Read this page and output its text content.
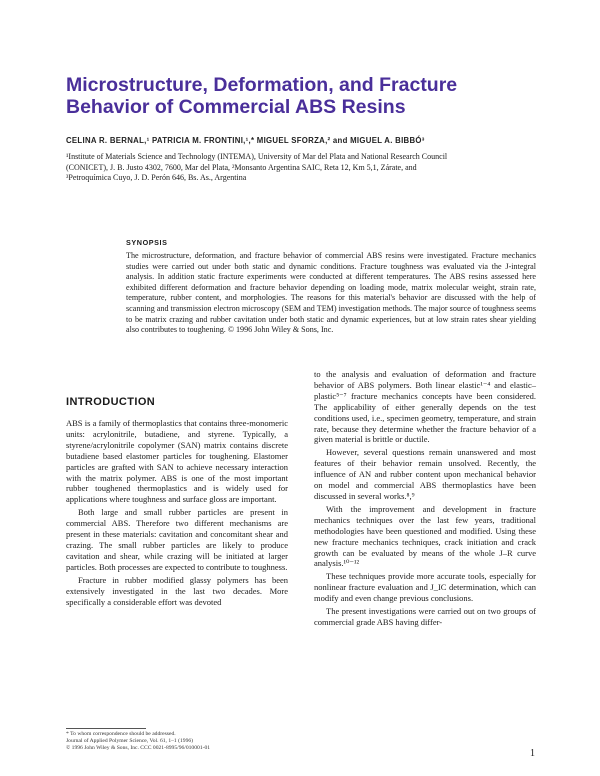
Microstructure, Deformation, and Fracture Behavior of Commercial ABS Resins
CELINA R. BERNAL,¹ PATRICIA M. FRONTINI,¹,* MIGUEL SFORZA,² and MIGUEL A. BIBBÓ³
¹Institute of Materials Science and Technology (INTEMA), University of Mar del Plata and National Research Council
(CONICET), J. B. Justo 4302, 7600, Mar del Plata, ²Monsanto Argentina SAIC, Reta 12, Km 5,1, Zárate, and
³Petroquímica Cuyo, J. D. Perón 646, Bs. As., Argentina
SYNOPSIS
The microstructure, deformation, and fracture behavior of commercial ABS resins were investigated. Fracture mechanics studies were carried out under both static and dynamic conditions. Fracture toughness was evaluated via the J-integral analysis. In addition static fracture experiments were conducted at different temperatures. The ABS resins assessed here exhibited different deformation and fracture behavior depending on loading mode, matrix molecular weight, strain rate, temperature, rubber content, and morphologies. The reasons for this material's behavior are discussed with the help of scanning and transmission electron microscopy (SEM and TEM) investigation methods. The major source of toughness seems to be matrix crazing and rubber cavitation under both static and dynamic experiences, but at low strain rates shear yielding also contributes to toughening. © 1996 John Wiley & Sons, Inc.
INTRODUCTION

ABS is a family of thermoplastics that contains three-monomeric units: acrylonitrile, butadiene, and styrene. Typically, a styrene/acrylonitrile copolymer (SAN) matrix contains discrete butadiene based elastomer particles for toughening. Elastomer particles are grafted with SAN to achieve necessary interaction with the matrix polymer. ABS is one of the most important rubber toughened thermoplastics and is widely used for applications where toughness and surface gloss are important.

Both large and small rubber particles are present in commercial ABS. Therefore two different mechanisms are present in these materials: cavitation and concomitant shear and crazing. The small rubber particles are likely to produce cavitation and shear, while crazing will be initiated at larger particles. Both processes are expected to contribute to toughness.

Fracture in rubber modified glassy polymers has been extensively investigated in the last two decades. More specifically a considerable effort was devoted

to the analysis and evaluation of deformation and fracture behavior of ABS polymers. Both linear elastic¹⁻⁴ and elastic–plastic⁵⁻⁷ fracture mechanics concepts have been considered. The applicability of either generally depends on the test conditions used, i.e., specimen geometry, temperature, and strain rate, because they determine whether the fracture behavior of a given material is brittle or ductile.

However, several questions remain unanswered and most features of their behavior remain unsolved. Recently, the influence of AN and rubber content upon mechanical behavior on model and commercial ABS thermoplastics have been discussed in several works.⁸,⁹

With the improvement and development in fracture mechanics techniques over the last few years, traditional methodologies have been questioned and modified. Using these new fracture mechanics techniques, crack initiation and crack growth can be evaluated by means of the whole J–R curve analysis.¹⁰⁻¹²

These techniques provide more accurate tools, especially for nonlinear fracture evaluation and J_IC determination, which can modify and even change previous conclusions.

The present investigations were carried out on two groups of commercial grade ABS having differ-

* To whom correspondence should be addressed.
Journal of Applied Polymer Science, Vol. 61, 1–1 (1996)
© 1996 John Wiley & Sons, Inc. CCC 0021-8995/96/010001-01	1
